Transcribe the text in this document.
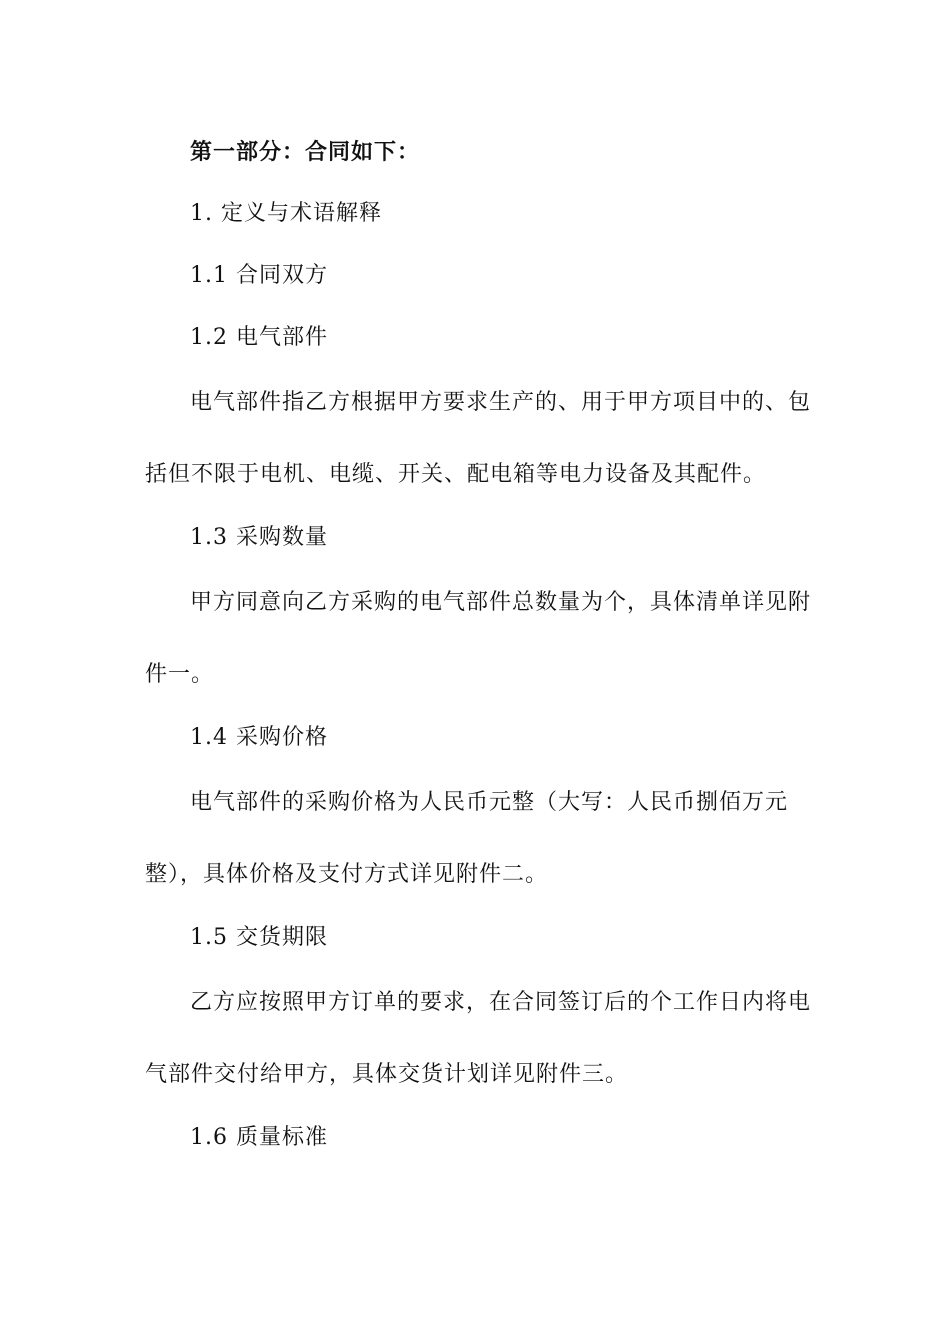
第一部分：合同如下：
1. 定义与术语解释
1.1 合同双方
1.2 电气部件
电气部件指乙方根据甲方要求生产的、用于甲方项目中的、包
括但不限于电机、电缆、开关、配电箱等电力设备及其配件。
1.3 采购数量
甲方同意向乙方采购的电气部件总数量为个，具体清单详见附
件一。
1.4 采购价格
电气部件的采购价格为人民币元整（大写：人民币捌佰万元
整），具体价格及支付方式详见附件二。
1.5 交货期限
乙方应按照甲方订单的要求，在合同签订后的个工作日内将电
气部件交付给甲方，具体交货计划详见附件三。
1.6 质量标准
